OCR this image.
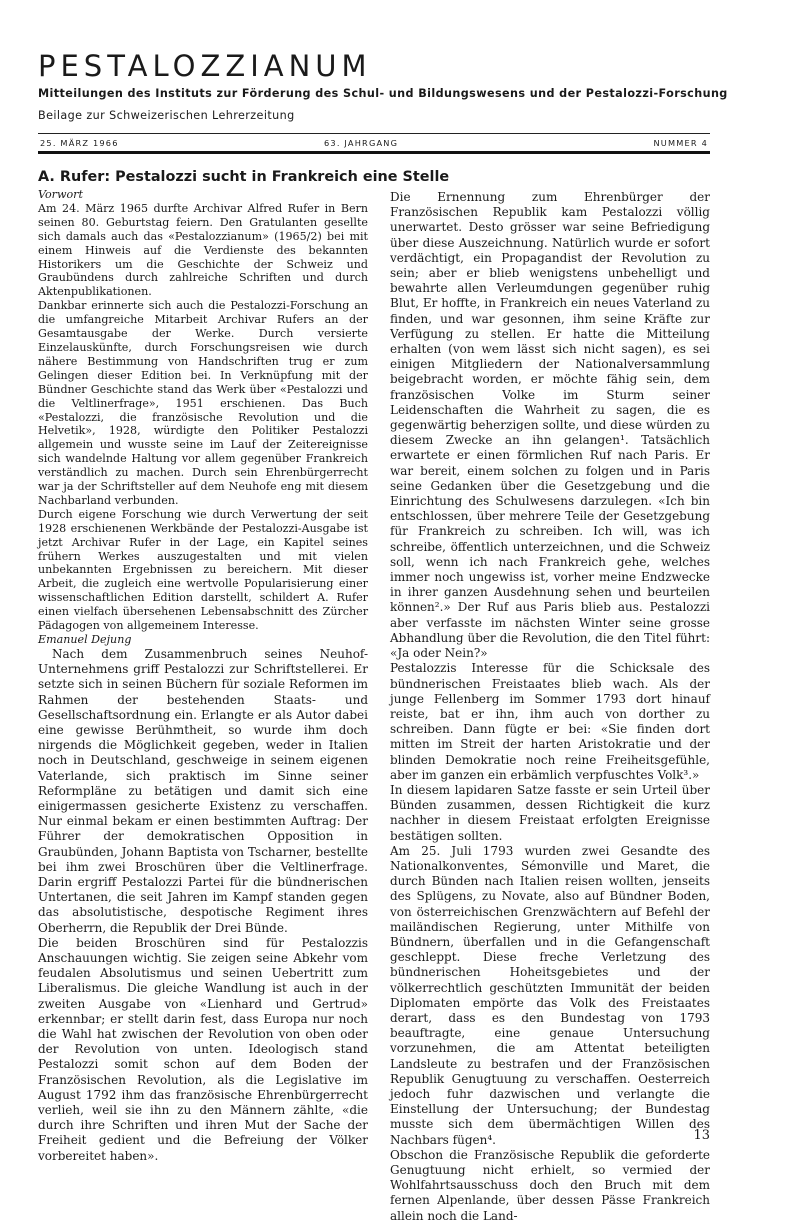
PESTALOZZIANUM
Mitteilungen des Instituts zur Förderung des Schul- und Bildungswesens und der Pestalozzi-Forschung
Beilage zur Schweizerischen Lehrerzeitung
25. MÄRZ 1966	63. JAHRGANG	NUMMER 4
A. Rufer: Pestalozzi sucht in Frankreich eine Stelle

Vorwort

Am 24. März 1965 durfte Archivar Alfred Rufer in Bern seinen 80. Geburtstag feiern. Den Gratulanten gesellte sich damals auch das «Pestalozzianum» (1965/2) bei mit einem Hinweis auf die Verdienste des bekannten Historikers um die Geschichte der Schweiz und Graubündens durch zahlreiche Schriften und durch Aktenpublikationen.

Dankbar erinnerte sich auch die Pestalozzi-Forschung an die umfangreiche Mitarbeit Archivar Rufers an der Gesamtausgabe der Werke. Durch versierte Einzelauskünfte, durch Forschungsreisen wie durch nähere Bestimmung von Handschriften trug er zum Gelingen dieser Edition bei. In Verknüpfung mit der Bündner Geschichte stand das Werk über «Pestalozzi und die Veltlinerfrage», 1951 erschienen. Das Buch «Pestalozzi, die französische Revolution und die Helvetik», 1928, würdigte den Politiker Pestalozzi allgemein und wusste seine im Lauf der Zeitereignisse sich wandelnde Haltung vor allem gegenüber Frankreich verständlich zu machen. Durch sein Ehrenbürgerrecht war ja der Schriftsteller auf dem Neuhofe eng mit diesem Nachbarland verbunden.

Durch eigene Forschung wie durch Verwertung der seit 1928 erschienenen Werkbände der Pestalozzi-Ausgabe ist jetzt Archivar Rufer in der Lage, ein Kapitel seines frühern Werkes auszugestalten und mit vielen unbekannten Ergebnissen zu bereichern. Mit dieser Arbeit, die zugleich eine wertvolle Popularisierung einer wissenschaftlichen Edition darstellt, schildert A. Rufer einen vielfach übersehenen Lebensabschnitt des Zürcher Pädagogen von allgemeinem Interesse.

Emanuel Dejung

Nach dem Zusammenbruch seines Neuhof-Unternehmens griff Pestalozzi zur Schriftstellerei. Er setzte sich in seinen Büchern für soziale Reformen im Rahmen der bestehenden Staats- und Gesellschaftsordnung ein. Erlangte er als Autor dabei eine gewisse Berühmtheit, so wurde ihm doch nirgends die Möglichkeit gegeben, weder in Italien noch in Deutschland, geschweige in seinem eigenen Vaterlande, sich praktisch im Sinne seiner Reformpläne zu betätigen und damit sich eine einigermassen gesicherte Existenz zu verschaffen. Nur einmal bekam er einen bestimmten Auftrag: Der Führer der demokratischen Opposition in Graubünden, Johann Baptista von Tscharner, bestellte bei ihm zwei Broschüren über die Veltlinerfrage. Darin ergriff Pestalozzi Partei für die bündnerischen Untertanen, die seit Jahren im Kampf standen gegen das absolutistische, despotische Regiment ihres Oberherrn, die Republik der Drei Bünde.

Die beiden Broschüren sind für Pestalozzis Anschauungen wichtig. Sie zeigen seine Abkehr vom feudalen Absolutismus und seinen Uebertritt zum Liberalismus. Die gleiche Wandlung ist auch in der zweiten Ausgabe von «Lienhard und Gertrud» erkennbar; er stellt darin fest, dass Europa nur noch die Wahl hat zwischen der Revolution von oben oder der Revolution von unten. Ideologisch stand Pestalozzi somit schon auf dem Boden der Französischen Revolution, als die Legislative im August 1792 ihm das französische Ehrenbürgerrecht verlieh, weil sie ihn zu den Männern zählte, «die durch ihre Schriften und ihren Mut der Sache der Freiheit gedient und die Befreiung der Völker vorbereitet haben».

Die Ernennung zum Ehrenbürger der Französischen Republik kam Pestalozzi völlig unerwartet. Desto grösser war seine Befriedigung über diese Auszeichnung. Natürlich wurde er sofort verdächtigt, ein Propagandist der Revolution zu sein; aber er blieb wenigstens unbehelligt und bewahrte allen Verleumdungen gegenüber ruhig Blut, Er hoffte, in Frankreich ein neues Vaterland zu finden, und war gesonnen, ihm seine Kräfte zur Verfügung zu stellen. Er hatte die Mitteilung erhalten (von wem lässt sich nicht sagen), es sei einigen Mitgliedern der Nationalversammlung beigebracht worden, er möchte fähig sein, dem französischen Volke im Sturm seiner Leidenschaften die Wahrheit zu sagen, die es gegenwärtig beherzigen sollte, und diese würden zu diesem Zwecke an ihn gelangen¹. Tatsächlich erwartete er einen förmlichen Ruf nach Paris. Er war bereit, einem solchen zu folgen und in Paris seine Gedanken über die Gesetzgebung und die Einrichtung des Schulwesens darzulegen. «Ich bin entschlossen, über mehrere Teile der Gesetzgebung für Frankreich zu schreiben. Ich will, was ich schreibe, öffentlich unterzeichnen, und die Schweiz soll, wenn ich nach Frankreich gehe, welches immer noch ungewiss ist, vorher meine Endzwecke in ihrer ganzen Ausdehnung sehen und beurteilen können².» Der Ruf aus Paris blieb aus. Pestalozzi aber verfasste im nächsten Winter seine grosse Abhandlung über die Revolution, die den Titel führt: «Ja oder Nein?»

Pestalozzis Interesse für die Schicksale des bündnerischen Freistaates blieb wach. Als der junge Fellenberg im Sommer 1793 dort hinauf reiste, bat er ihn, ihm auch von dorther zu schreiben. Dann fügte er bei: «Sie finden dort mitten im Streit der harten Aristokratie und der blinden Demokratie noch reine Freiheitsgefühle, aber im ganzen ein erbämlich verpfuschtes Volk³.»

In diesem lapidaren Satze fasste er sein Urteil über Bünden zusammen, dessen Richtigkeit die kurz nachher in diesem Freistaat erfolgten Ereignisse bestätigen sollten.

Am 25. Juli 1793 wurden zwei Gesandte des Nationalkonventes, Sémonville und Maret, die durch Bünden nach Italien reisen wollten, jenseits des Splügens, zu Novate, also auf Bündner Boden, von österreichischen Grenzwächtern auf Befehl der mailändischen Regierung, unter Mithilfe von Bündnern, überfallen und in die Gefangenschaft geschleppt. Diese freche Verletzung des bündnerischen Hoheitsgebietes und der völkerrechtlich geschützten Immunität der beiden Diplomaten empörte das Volk des Freistaates derart, dass es den Bundestag von 1793 beauftragte, eine genaue Untersuchung vorzunehmen, die am Attentat beteiligten Landsleute zu bestrafen und der Französischen Republik Genugtuung zu verschaffen. Oesterreich jedoch fuhr dazwischen und verlangte die Einstellung der Untersuchung; der Bundestag musste sich dem übermächtigen Willen des Nachbars fügen⁴.

Obschon die Französische Republik die geforderte Genugtuung nicht erhielt, so vermied der Wohlfahrtsausschuss doch den Bruch mit dem fernen Alpenlande, über dessen Pässe Frankreich allein noch die Land-

13
